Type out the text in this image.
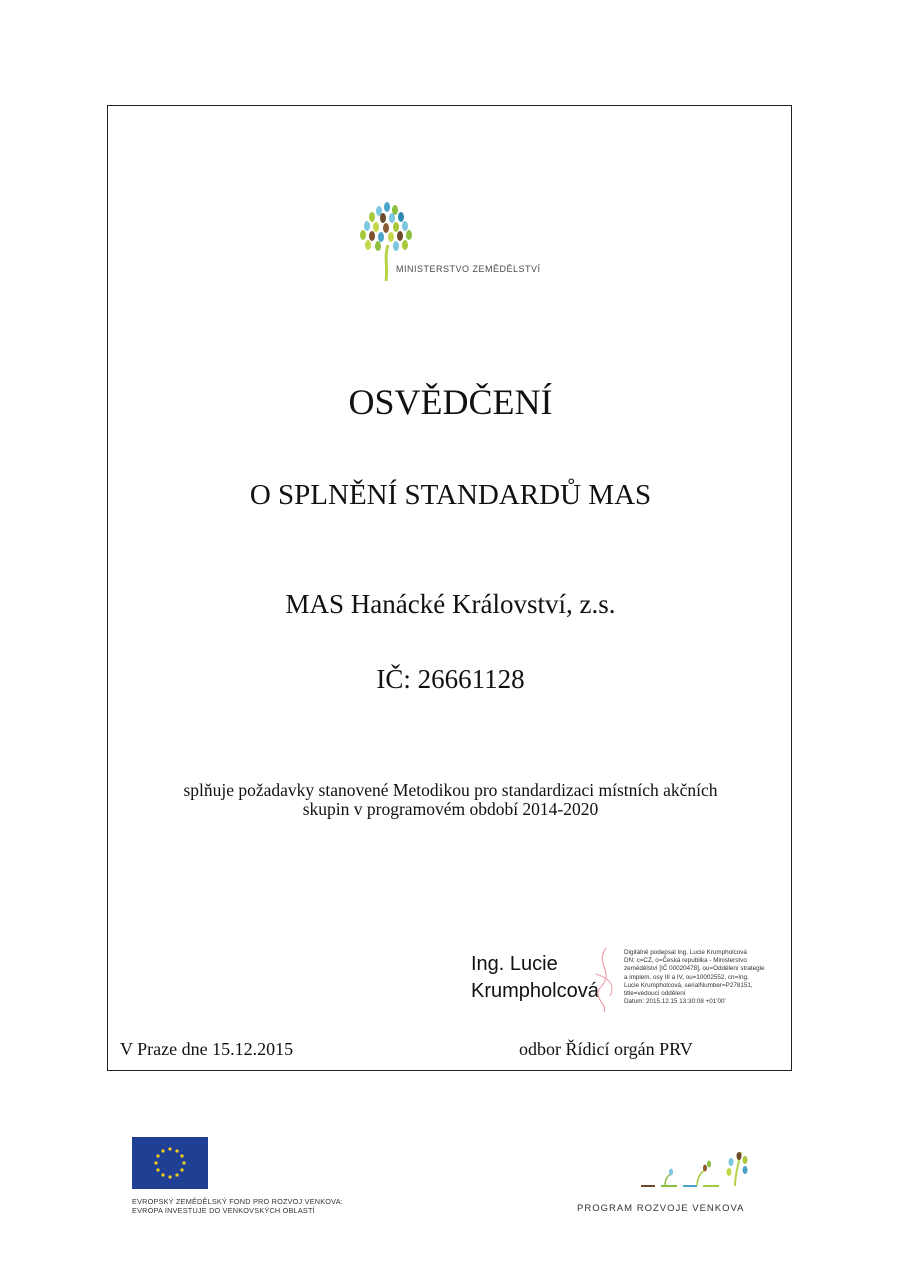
MINISTERSTVO ZEMĚDĚLSTVÍ
OSVĚDČENÍ
O SPLNĚNÍ STANDARDŮ MAS
MAS Hanácké Království, z.s.
IČ: 26661128
splňuje požadavky stanovené Metodikou pro standardizaci místních akčních
skupin v programovém období 2014-2020
Ing. Lucie
Krumpholcová
Digitálně podepsal Ing. Lucie Krumpholcová
DN: c=CZ, o=Česká republika - Ministerstvo
zemědělství [IČ 00020478], ou=Oddělení strategie
a implem. osy III a IV, ou=10002552, cn=Ing.
Lucie Krumpholcová, serialNumber=P278151,
title=vedoucí oddělení
Datum: 2015.12.15 13:30:08 +01'00'
V Praze dne 15.12.2015	odbor Řídicí orgán PRV
EVROPSKÝ ZEMĚDĚLSKÝ FOND PRO ROZVOJ VENKOVA:
EVROPA INVESTUJE DO VENKOVSKÝCH OBLASTÍ	PROGRAM ROZVOJE VENKOVA
